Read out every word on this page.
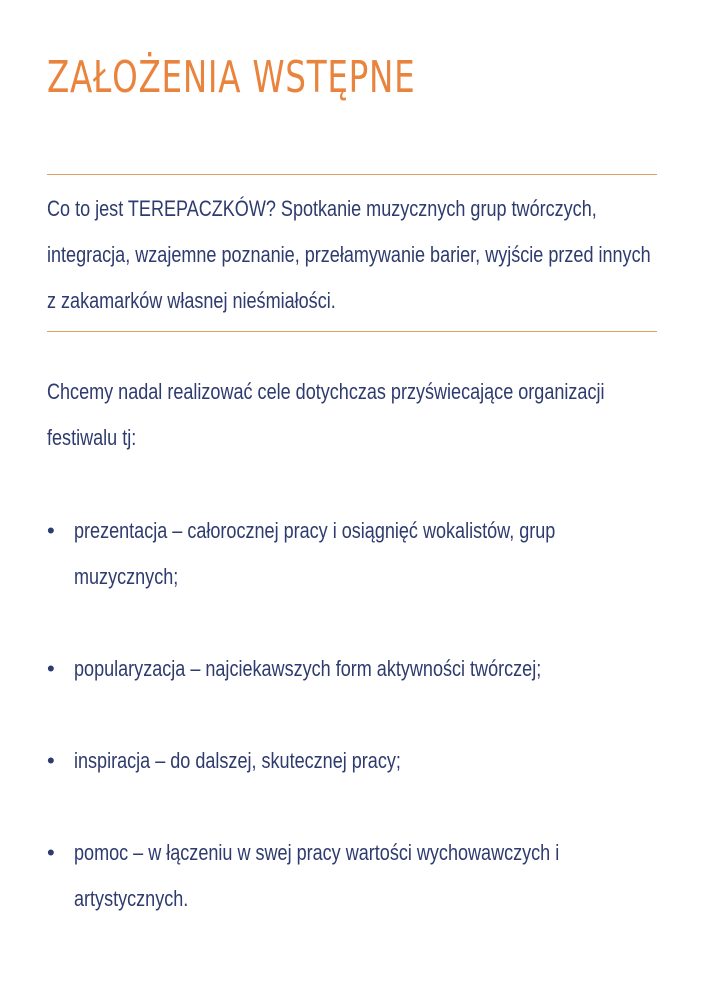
ZAŁOŻENIA WSTĘPNE
Co to jest TEREPACZKÓW? Spotkanie muzycznych grup twórczych,
integracja, wzajemne poznanie, przełamywanie barier, wyjście przed innych
z zakamarków własnej nieśmiałości.
Chcemy nadal realizować cele dotychczas przyświecające organizacji
festiwalu tj:
• prezentacja – całorocznej pracy i osiągnięć wokalistów, grup
muzycznych;
• popularyzacja – najciekawszych form aktywności twórczej;
• inspiracja – do dalszej, skutecznej pracy;
• pomoc – w łączeniu w swej pracy wartości wychowawczych i
artystycznych.
